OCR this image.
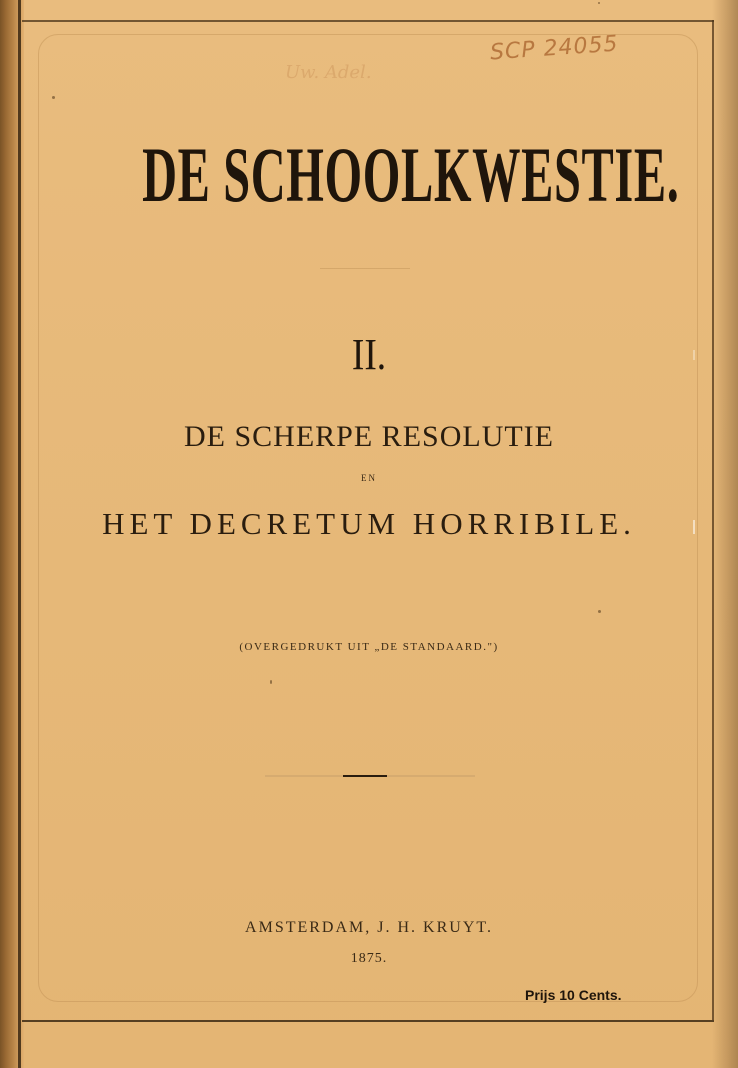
SCP 24055
Uw. Adel.
DE SCHOOLKWESTIE.
II.
DE SCHERPE RESOLUTIE
EN
HET DECRETUM HORRIBILE.
(OVERGEDRUKT UIT „DE STANDAARD.")
AMSTERDAM, J. H. KRUYT.
1875.
Prijs 10 Cents.
